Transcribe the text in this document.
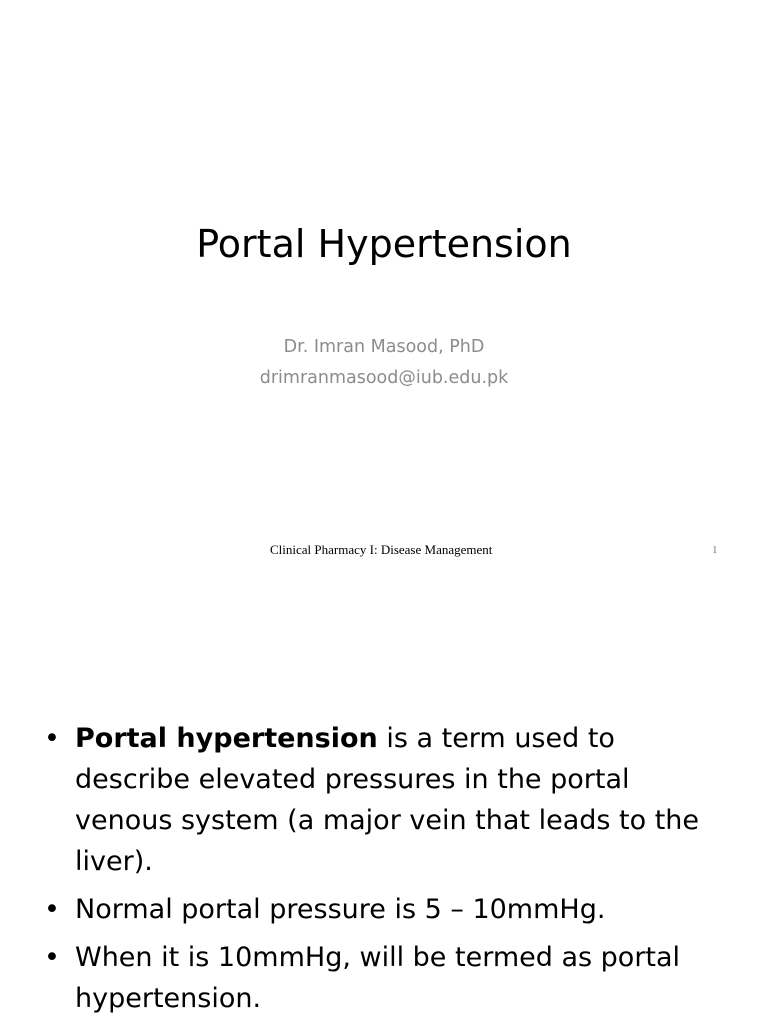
Portal Hypertension
Dr. Imran Masood, PhD
drimranmasood@iub.edu.pk
Clinical Pharmacy I: Disease Management	1
• Portal hypertension is a term used to describe elevated pressures in the portal venous system (a major vein that leads to the liver).
• Normal portal pressure is 5 – 10mmHg.
• When it is 10mmHg, will be termed as portal hypertension.
